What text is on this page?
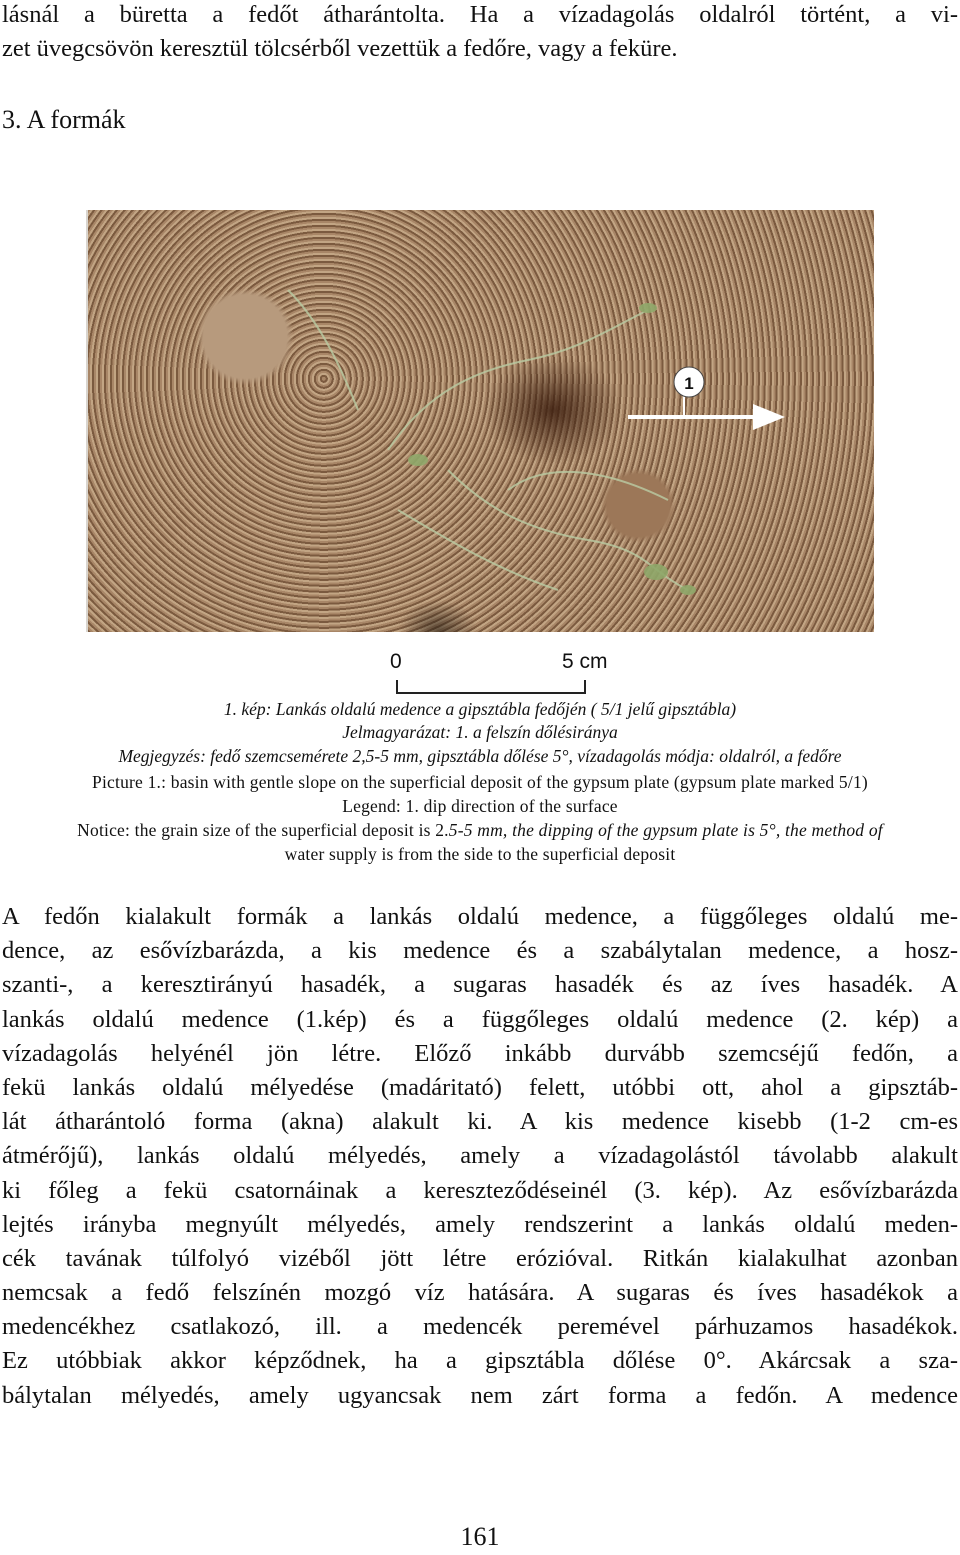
lásnál a büretta a fedőt átharántolta. Ha a vízadagolás oldalról történt, a vi-
zet üvegcsövön keresztül tölcsérből vezettük a fedőre, vagy a feküre.
3. A formák
1
0	5 cm
1. kép: Lankás oldalú medence a gipsztábla fedőjén ( 5/1 jelű gipsztábla)
Jelmagyarázat: 1. a felszín dőlésiránya
Megjegyzés: fedő szemcsemérete 2,5-5 mm, gipsztábla dőlése 5°, vízadagolás módja: oldalról, a fedőre
Picture 1.: basin with gentle slope on the superficial deposit of the gypsum plate (gypsum plate marked 5/1)
Legend: 1. dip direction of the surface
Notice: the grain size of the superficial deposit is 2.5-5 mm, the dipping of the gypsum plate is 5°, the method of
water supply is from the side to the superficial deposit
A fedőn kialakult formák a lankás oldalú medence, a függőleges oldalú me-
dence, az esővízbarázda, a kis medence és a szabálytalan medence, a hosz-
szanti-, a keresztirányú hasadék, a sugaras hasadék és az íves hasadék. A
lankás oldalú medence (1.kép) és a függőleges oldalú medence (2. kép) a
vízadagolás helyénél jön létre. Előző inkább durvább szemcséjű fedőn, a
fekü lankás oldalú mélyedése (madáritató) felett, utóbbi ott, ahol a gipsztáb-
lát átharántoló forma (akna) alakult ki. A kis medence kisebb (1-2 cm-es
átmérőjű), lankás oldalú mélyedés, amely a vízadagolástól távolabb alakult
ki főleg a fekü csatornáinak a kereszteződéseinél (3. kép). Az esővízbarázda
lejtés irányba megnyúlt mélyedés, amely rendszerint a lankás oldalú meden-
cék tavának túlfolyó vizéből jött létre erózióval. Ritkán kialakulhat azonban
nemcsak a fedő felszínén mozgó víz hatására. A sugaras és íves hasadékok a
medencékhez csatlakozó, ill. a medencék peremével párhuzamos hasadékok.
Ez utóbbiak akkor képződnek, ha a gipsztábla dőlése 0°. Akárcsak a sza-
bálytalan mélyedés, amely ugyancsak nem zárt forma a fedőn. A medence
161
